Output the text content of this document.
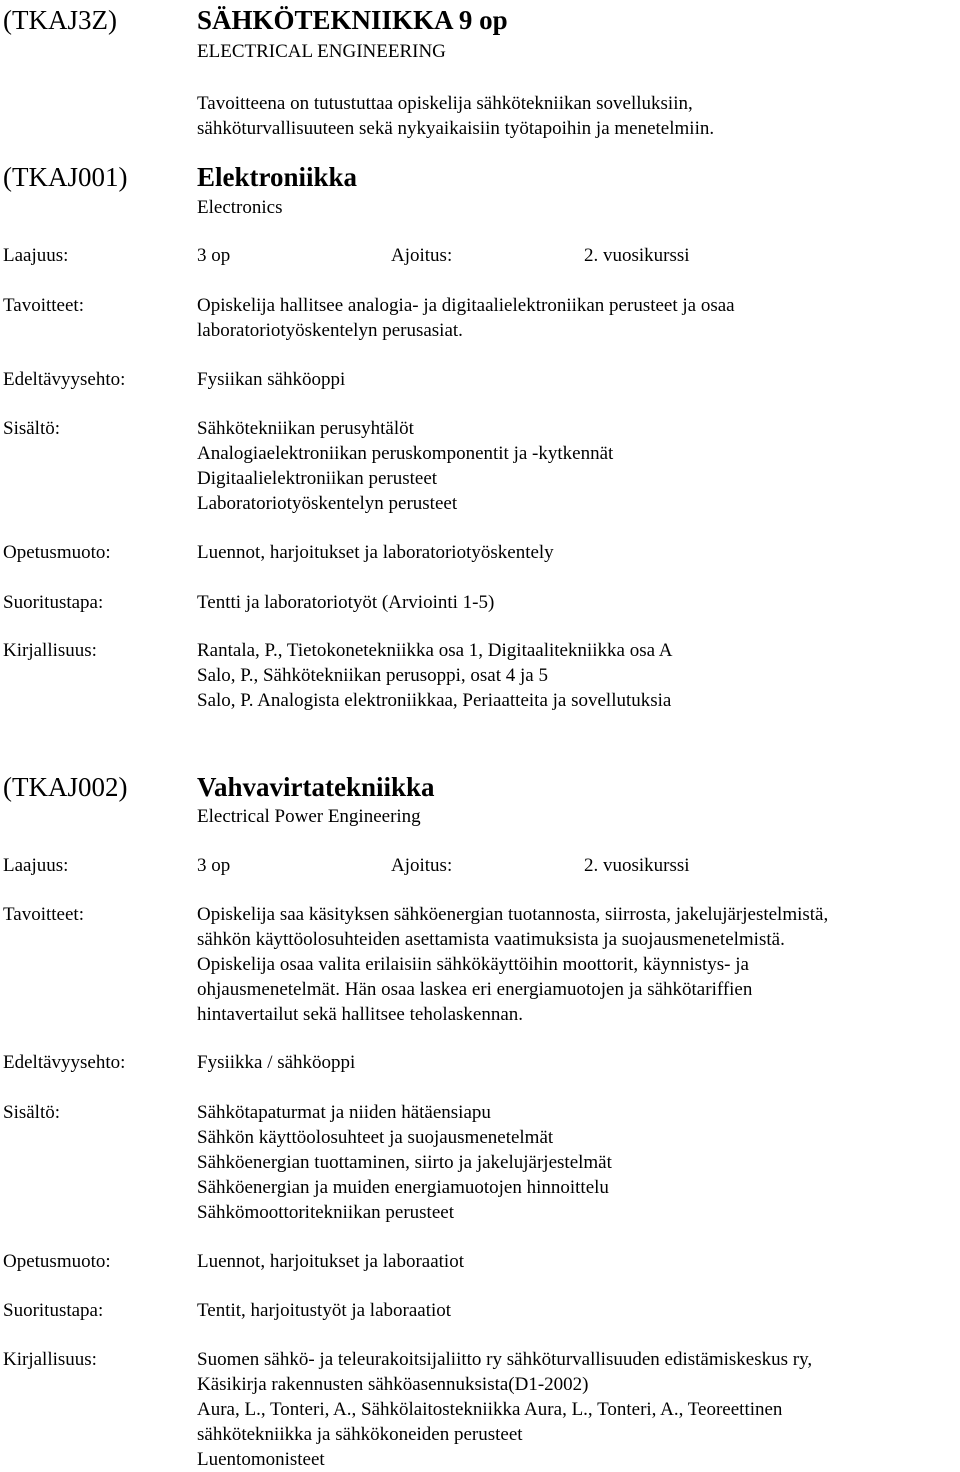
(TKAJ3Z)	SÄHKÖTEKNIIKKA 9 op
ELECTRICAL ENGINEERING
Tavoitteena on tutustuttaa opiskelija sähkötekniikan sovelluksiin,
sähköturvallisuuteen sekä nykyaikaisiin työtapoihin ja menetelmiin.
(TKAJ001)	Elektroniikka
Electronics
Laajuus:	3 op	Ajoitus:	2. vuosikurssi
Tavoitteet:	Opiskelija hallitsee analogia- ja digitaalielektroniikan perusteet ja osaa
laboratoriotyöskentelyn perusasiat.
Edeltävyysehto:	Fysiikan sähköoppi
Sisältö:	Sähkötekniikan perusyhtälöt
Analogiaelektroniikan peruskomponentit ja -kytkennät
Digitaalielektroniikan perusteet
Laboratoriotyöskentelyn perusteet
Opetusmuoto:	Luennot, harjoitukset ja laboratoriotyöskentely
Suoritustapa:	Tentti ja laboratoriotyöt (Arviointi 1-5)
Kirjallisuus:	Rantala, P., Tietokonetekniikka osa 1, Digitaalitekniikka osa A
Salo, P., Sähkötekniikan perusoppi, osat 4 ja 5
Salo, P. Analogista elektroniikkaa, Periaatteita ja sovellutuksia
(TKAJ002)	Vahvavirtatekniikka
Electrical Power Engineering
Laajuus:	3 op	Ajoitus:	2. vuosikurssi
Tavoitteet:	Opiskelija saa käsityksen sähköenergian tuotannosta, siirrosta, jakelujärjestelmistä,
sähkön käyttöolosuhteiden asettamista vaatimuksista ja suojausmenetelmistä.
Opiskelija osaa valita erilaisiin sähkökäyttöihin moottorit, käynnistys- ja
ohjausmenetelmät. Hän osaa laskea eri energiamuotojen ja sähkötariffien
hintavertailut sekä hallitsee teholaskennan.
Edeltävyysehto:	Fysiikka / sähköoppi
Sisältö:	Sähkötapaturmat ja niiden hätäensiapu
Sähkön käyttöolosuhteet ja suojausmenetelmät
Sähköenergian tuottaminen, siirto ja jakelujärjestelmät
Sähköenergian ja muiden energiamuotojen hinnoittelu
Sähkömoottoritekniikan perusteet
Opetusmuoto:	Luennot, harjoitukset ja laboraatiot
Suoritustapa:	Tentit, harjoitustyöt ja laboraatiot
Kirjallisuus:	Suomen sähkö- ja teleurakoitsijaliitto ry sähköturvallisuuden edistämiskeskus ry,
Käsikirja rakennusten sähköasennuksista(D1-2002)
Aura, L., Tonteri, A., Sähkölaitostekniikka Aura, L., Tonteri, A., Teoreettinen
sähkötekniikka ja sähkökoneiden perusteet
Luentomonisteet
